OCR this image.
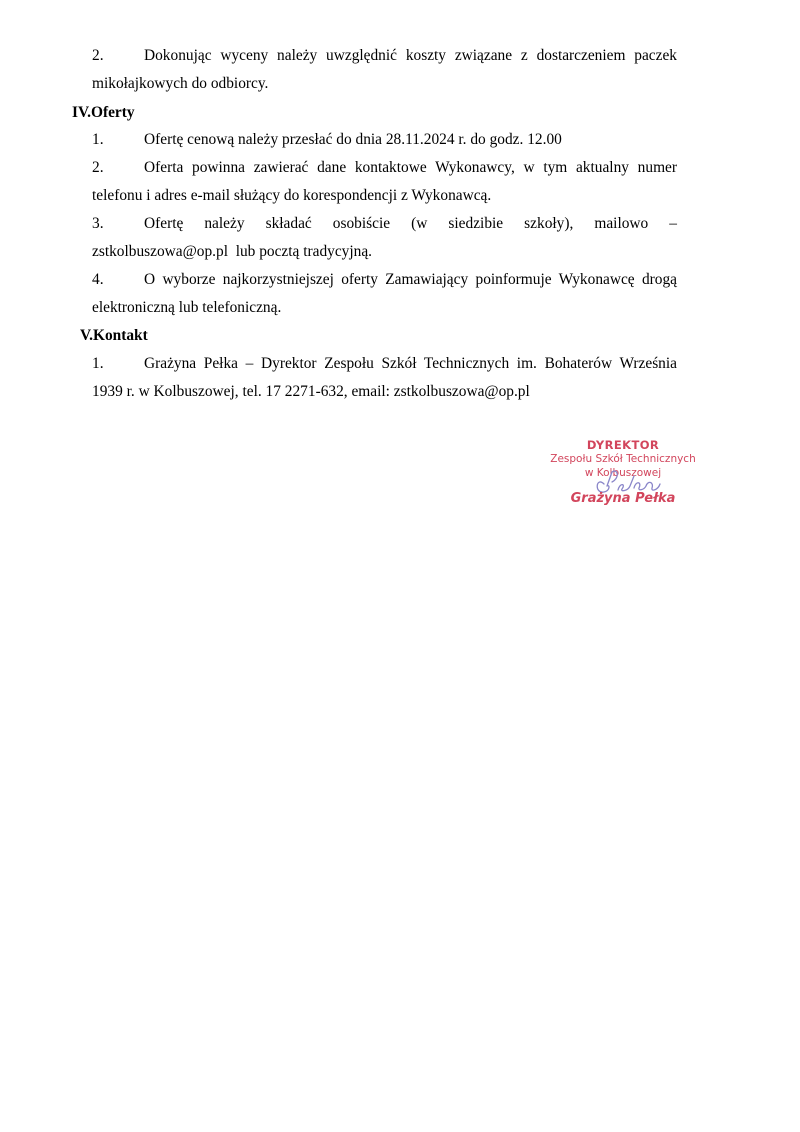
2.	Dokonując wyceny należy uwzględnić koszty związane z dostarczeniem paczek mikołajkowych do odbiorcy.
IV.Oferty
1.	Ofertę cenową należy przesłać do dnia 28.11.2024 r. do godz. 12.00
2.	Oferta powinna zawierać dane kontaktowe Wykonawcy, w tym aktualny numer telefonu i adres e-mail służący do korespondencji z Wykonawcą.
3.	Ofertę należy składać osobiście (w siedzibie szkoły), mailowo – zstkolbuszowa@op.pl  lub pocztą tradycyjną.
4.	O wyborze najkorzystniejszej oferty Zamawiający poinformuje Wykonawcę drogą elektroniczną lub telefoniczną.
V.Kontakt
1.	Grażyna Pełka – Dyrektor Zespołu Szkół Technicznych im. Bohaterów Września 1939 r. w Kolbuszowej, tel. 17 2271-632, email: zstkolbuszowa@op.pl
DYREKTOR
Zespołu Szkół Technicznych
w Kolbuszowej
Grażyna Pełka
